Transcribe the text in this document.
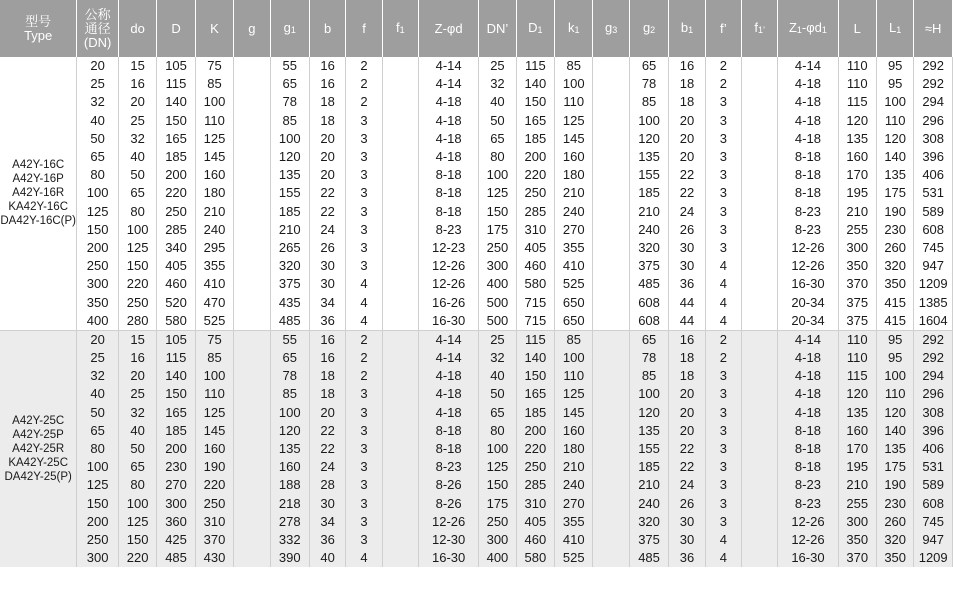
型号
Type	公称
通径
(DN)	do	D	K	g	g1	b	f	f1	Z-φd	DN’	D1	k1	g3	g2	b1	f’	f1’	Z1-φd1	L	L1	≈H

A42Y-16C
A42Y-16P
A42Y-16R
KA42Y-16C
DA42Y-16C(P)	20	15	105	75		55	16	2		4-14	25	115	85		65	16	2		4-14	110	95	292
	25	16	115	85		65	16	2		4-14	32	140	100		78	18	2		4-18	110	95	292
	32	20	140	100		78	18	2		4-18	40	150	110		85	18	3		4-18	115	100	294
	40	25	150	110		85	18	3		4-18	50	165	125		100	20	3		4-18	120	110	296
	50	32	165	125		100	20	3		4-18	65	185	145		120	20	3		4-18	135	120	308
	65	40	185	145		120	20	3		4-18	80	200	160		135	20	3		8-18	160	140	396
	80	50	200	160		135	20	3		8-18	100	220	180		155	22	3		8-18	170	135	406
	100	65	220	180		155	22	3		8-18	125	250	210		185	22	3		8-18	195	175	531
	125	80	250	210		185	22	3		8-18	150	285	240		210	24	3		8-23	210	190	589
	150	100	285	240		210	24	3		8-23	175	310	270		240	26	3		8-23	255	230	608
	200	125	340	295		265	26	3		12-23	250	405	355		320	30	3		12-26	300	260	745
	250	150	405	355		320	30	3		12-26	300	460	410		375	30	4		12-26	350	320	947
	300	220	460	410		375	30	4		12-26	400	580	525		485	36	4		16-30	370	350	1209
	350	250	520	470		435	34	4		16-26	500	715	650		608	44	4		20-34	375	415	1385
	400	280	580	525		485	36	4		16-30	500	715	650		608	44	4		20-34	375	415	1604

A42Y-25C
A42Y-25P
A42Y-25R
KA42Y-25C
DA42Y-25(P)	20	15	105	75		55	16	2		4-14	25	115	85		65	16	2		4-14	110	95	292
	25	16	115	85		65	16	2		4-14	32	140	100		78	18	2		4-18	110	95	292
	32	20	140	100		78	18	2		4-18	40	150	110		85	18	3		4-18	115	100	294
	40	25	150	110		85	18	3		4-18	50	165	125		100	20	3		4-18	120	110	296
	50	32	165	125		100	20	3		4-18	65	185	145		120	20	3		4-18	135	120	308
	65	40	185	145		120	22	3		8-18	80	200	160		135	20	3		8-18	160	140	396
	80	50	200	160		135	22	3		8-18	100	220	180		155	22	3		8-18	170	135	406
	100	65	230	190		160	24	3		8-23	125	250	210		185	22	3		8-18	195	175	531
	125	80	270	220		188	28	3		8-26	150	285	240		210	24	3		8-23	210	190	589
	150	100	300	250		218	30	3		8-26	175	310	270		240	26	3		8-23	255	230	608
	200	125	360	310		278	34	3		12-26	250	405	355		320	30	3		12-26	300	260	745
	250	150	425	370		332	36	3		12-30	300	460	410		375	30	4		12-26	350	320	947
	300	220	485	430		390	40	4		16-30	400	580	525		485	36	4		16-30	370	350	1209
